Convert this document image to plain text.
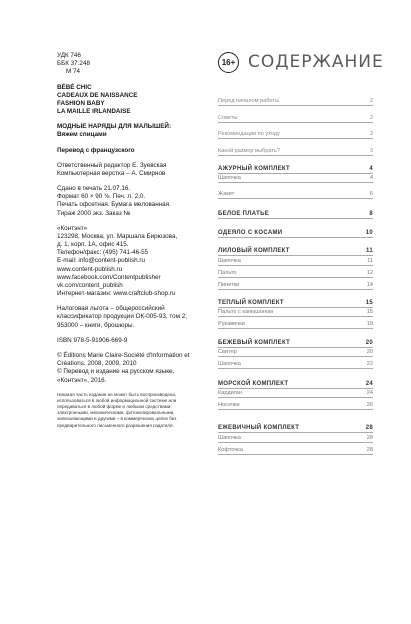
УДК 746
ББК 37.248
М 74
BÉBÉ CHIC
CADEAUX DE NAISSANCE
FASHION BABY
LA MAILLE IRLANDAISE
МОДНЫЕ НАРЯДЫ ДЛЯ МАЛЫШЕЙ:
Вяжем спицами
Перевод с французского
Ответственный редактор Е. Зуевская
Компьютерная верстка – А. Смирнов
Сдано в печать 21.07.16.
Формат 60 × 90 ⅛. Печ. л. 2,0.
Печать офсетная. Бумага мелованная.
Тираж 2000 экз. Заказ №
«Контэнт»
123298, Москва, ул. Маршала Бирюзова,
д. 1, корп. 1А, офис 415.
Телефон/факс: (495) 741-46-55
E-mail: info@content-publish.ru
www.content-publish.ru
www.facebook.com/Contentpublisher
vk.com/content_publish
Интернет-магазин: www.craftclub-shop.ru
Налоговая льгота – общероссийский
классификатор продукции ОК-005-93, том 2;
953000 – книги, брошюры.
ISBN 978-5-91906-669-9
© Éditions Marie Claire-Société d'Information et
Créations, 2008, 2009, 2010
© Перевод и издание на русском языке,
«Контэнт», 2016.
Никакая часть издания не может быть воспроизведена,
использоваться в любой информационной системе или
передаваться в любой форме и любыми средствами:
электронными, механическими, фотокопировальными,
записывающими и другими – в коммерческих целях без
предварительного письменного разрешения издателя.
16+ СОДЕРЖАНИЕ
Перед началом работы	2
Советы	2
Рекомендации по уходу	3
Какой размер выбрать?	3
АЖУРНЫЙ КОМПЛЕКТ	4
Шапочка	4
Жакет	6
БЕЛОЕ ПЛАТЬЕ	8
ОДЕЯЛО С КОСАМИ	10
ЛИЛОВЫЙ КОМПЛЕКТ	11
Шапочка	11
Пальто	12
Пинетки	14
ТЕПЛЫЙ КОМПЛЕКТ	15
Пальто с капюшоном	15
Рукавички	18
БЕЖЕВЫЙ КОМПЛЕКТ	20
Свитер	20
Шапочка	22
МОРСКОЙ КОМПЛЕКТ	24
Кардиган	24
Носочки	26
ЕЖЕВИЧНЫЙ КОМПЛЕКТ	28
Шапочка	28
Кофточка	28
